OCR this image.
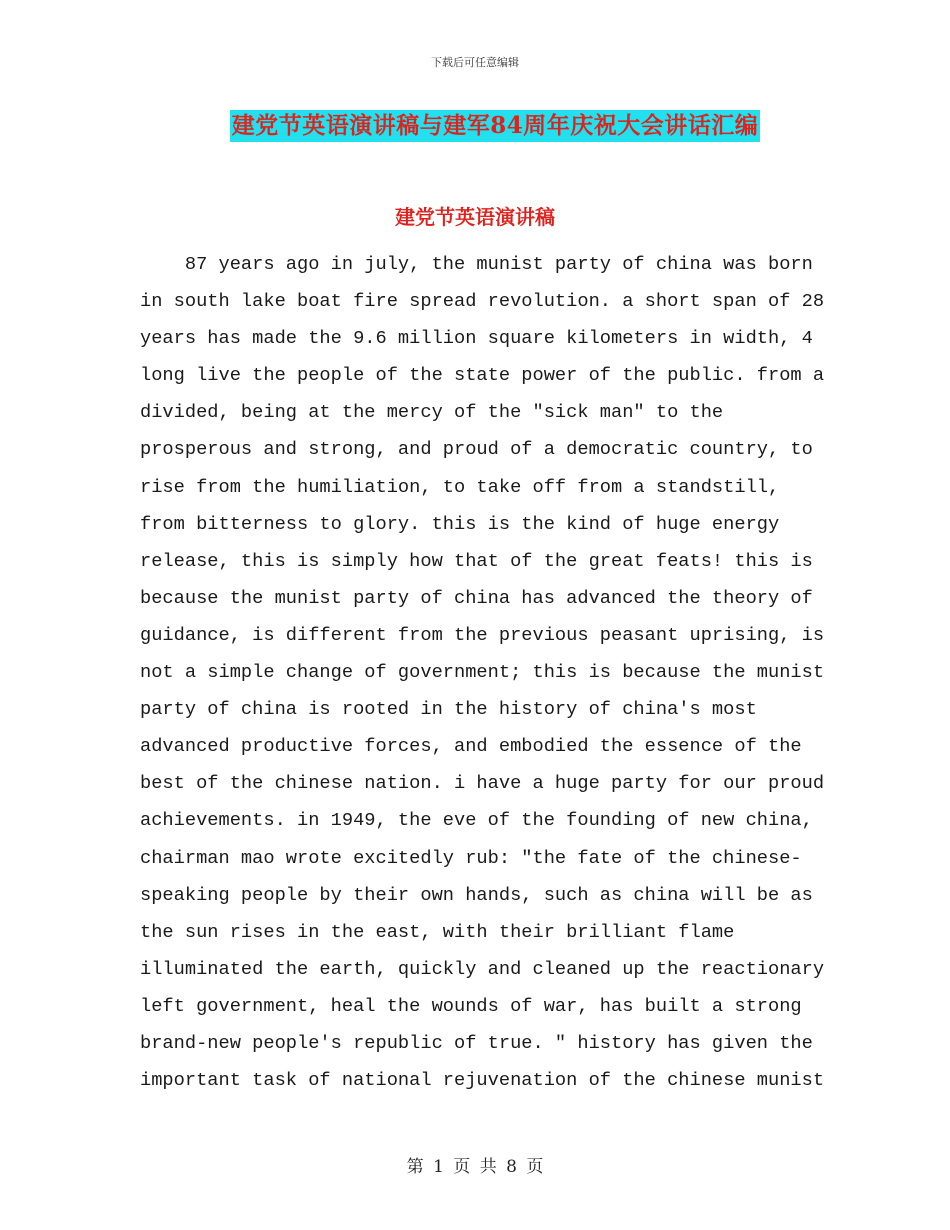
下载后可任意编辑
建党节英语演讲稿与建军84周年庆祝大会讲话汇编
建党节英语演讲稿
87 years ago in july, the munist party of china was born
in south lake boat fire spread revolution. a short span of 28
years has made the 9.6 million square kilometers in width, 4
long live the people of the state power of the public. from a
divided, being at the mercy of the "sick man" to the
prosperous and strong, and proud of a democratic country, to
rise from the humiliation, to take off from a standstill,
from bitterness to glory. this is the kind of huge energy
release, this is simply how that of the great feats! this is
because the munist party of china has advanced the theory of
guidance, is different from the previous peasant uprising, is
not a simple change of government; this is because the munist
party of china is rooted in the history of china's most
advanced productive forces, and embodied the essence of the
best of the chinese nation. i have a huge party for our proud
achievements. in 1949, the eve of the founding of new china,
chairman mao wrote excitedly rub: "the fate of the chinese-
speaking people by their own hands, such as china will be as
the sun rises in the east, with their brilliant flame
illuminated the earth, quickly and cleaned up the reactionary
left government, heal the wounds of war, has built a strong
brand-new people's republic of true. " history has given the
important task of national rejuvenation of the chinese munist
第 1 页 共 8 页
